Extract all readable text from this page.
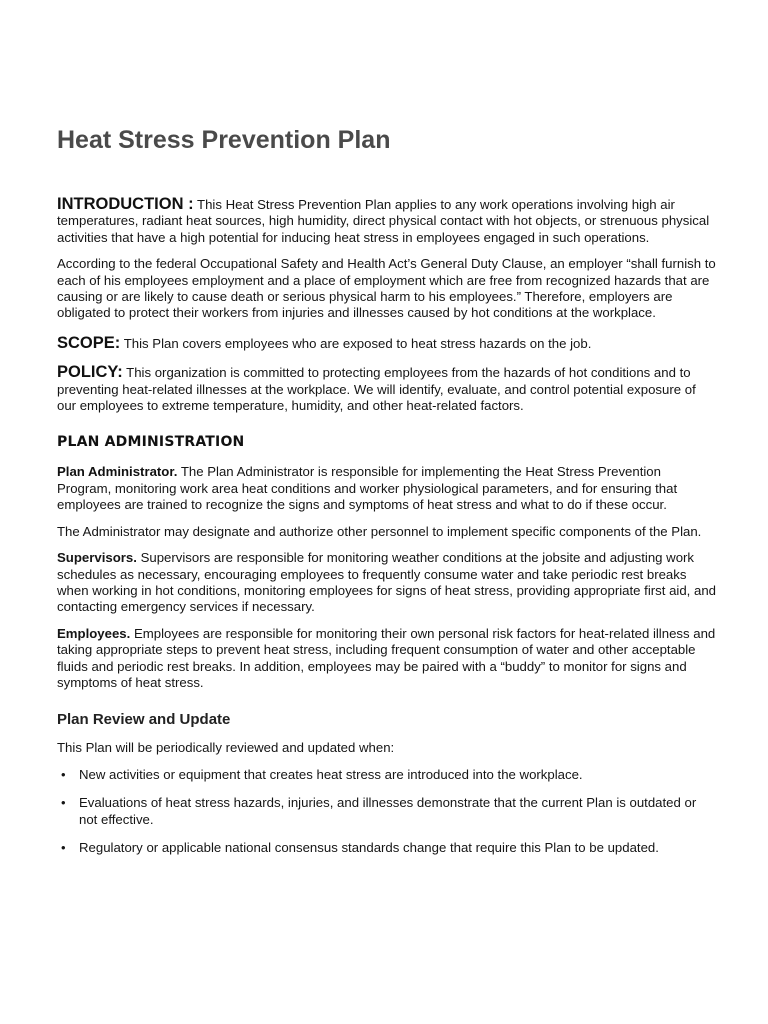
Heat Stress Prevention Plan

INTRODUCTION : This Heat Stress Prevention Plan applies to any work operations involving high air temperatures, radiant heat sources, high humidity, direct physical contact with hot objects, or strenuous physical activities that have a high potential for inducing heat stress in employees engaged in such operations.

According to the federal Occupational Safety and Health Act’s General Duty Clause, an employer “shall furnish to each of his employees employment and a place of employment which are free from recognized hazards that are causing or are likely to cause death or serious physical harm to his employees.” Therefore, employers are obligated to protect their workers from injuries and illnesses caused by hot conditions at the workplace.

SCOPE: This Plan covers employees who are exposed to heat stress hazards on the job.

POLICY: This organization is committed to protecting employees from the hazards of hot conditions and to preventing heat-related illnesses at the workplace. We will identify, evaluate, and control potential exposure of our employees to extreme temperature, humidity, and other heat-related factors.

PLAN ADMINISTRATION

Plan Administrator. The Plan Administrator is responsible for implementing the Heat Stress Prevention Program, monitoring work area heat conditions and worker physiological parameters, and for ensuring that employees are trained to recognize the signs and symptoms of heat stress and what to do if these occur.

The Administrator may designate and authorize other personnel to implement specific components of the Plan.

Supervisors. Supervisors are responsible for monitoring weather conditions at the jobsite and adjusting work schedules as necessary, encouraging employees to frequently consume water and take periodic rest breaks when working in hot conditions, monitoring employees for signs of heat stress, providing appropriate first aid, and contacting emergency services if necessary.

Employees. Employees are responsible for monitoring their own personal risk factors for heat-related illness and taking appropriate steps to prevent heat stress, including frequent consumption of water and other acceptable fluids and periodic rest breaks. In addition, employees may be paired with a “buddy” to monitor for signs and symptoms of heat stress.

Plan Review and Update

This Plan will be periodically reviewed and updated when:

• New activities or equipment that creates heat stress are introduced into the workplace.
• Evaluations of heat stress hazards, injuries, and illnesses demonstrate that the current Plan is outdated or not effective.
• Regulatory or applicable national consensus standards change that require this Plan to be updated.
